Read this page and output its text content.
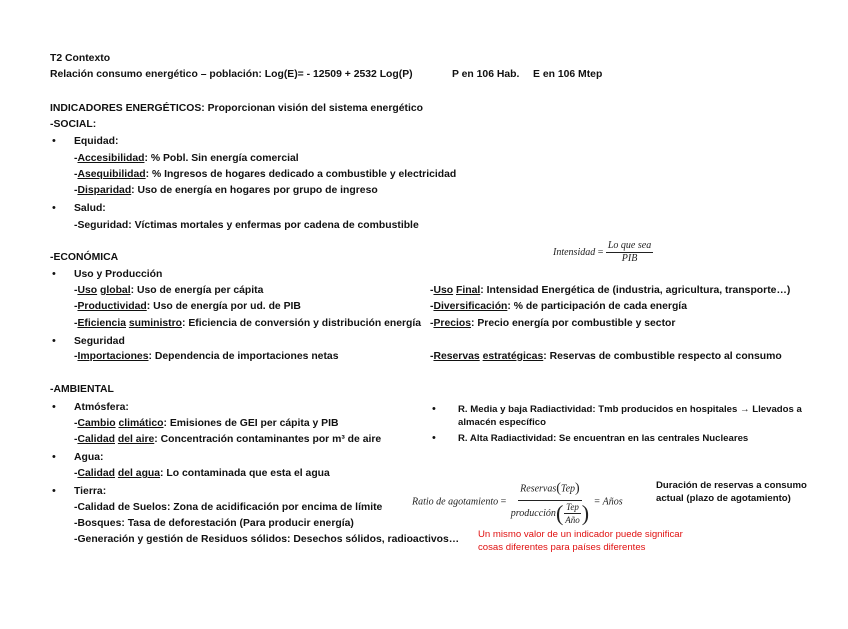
T2 Contexto
Relación consumo energético – población: Log(E)= - 12509 + 2532 Log(P)	P en 106 Hab. E en 106 Mtep
INDICADORES ENERGÉTICOS: Proporcionan visión del sistema energético
-SOCIAL:
• Equidad:
-Accesibilidad: % Pobl. Sin energía comercial
-Asequibilidad: % Ingresos de hogares dedicado a combustible y electricidad
-Disparidad: Uso de energía en hogares por grupo de ingreso
• Salud:
-Seguridad: Víctimas mortales y enfermas por cadena de combustible
Intensidad = $\frac{\text{Lo que sea}}{\text{PIB}}$
-ECONÓMICA
• Uso y Producción
-Uso global: Uso de energía per cápita
-Productividad: Uso de energía por ud. de PIB
-Eficiencia suministro: Eficiencia de conversión y distribución energía
• Seguridad
-Importaciones: Dependencia de importaciones netas
-Uso Final: Intensidad Energética de (industria, agricultura, transporte…)
-Diversificación: % de participación de cada energía
-Precios: Precio energía por combustible y sector
-Reservas estratégicas: Reservas de combustible respecto al consumo
-AMBIENTAL
• Atmósfera:
-Cambio climático: Emisiones de GEI per cápita y PIB
-Calidad del aire: Concentración contaminantes por m³ de aire
• Agua:
-Calidad del agua: Lo contaminada que esta el agua
• Tierra:
-Calidad de Suelos: Zona de acidificación por encima de límite
-Bosques: Tasa de deforestación (Para producir energía)
-Generación y gestión de Residuos sólidos: Desechos sólidos, radioactivos…
• R. Media y baja Radiactividad: Tmb producidos en hospitales → Llevados a
almacén específico
• R. Alta Radiactividad: Se encuentran en las centrales Nucleares
Ratio de agotamiento = $\frac{\text{Reservas(Tep)}}{producción( \frac{\text{Tep}}{\text{Año}} )}$ = Años
Duración de reservas a consumo
actual (plazo de agotamiento)
Un mismo valor de un indicador puede significar
cosas diferentes para países diferentes
